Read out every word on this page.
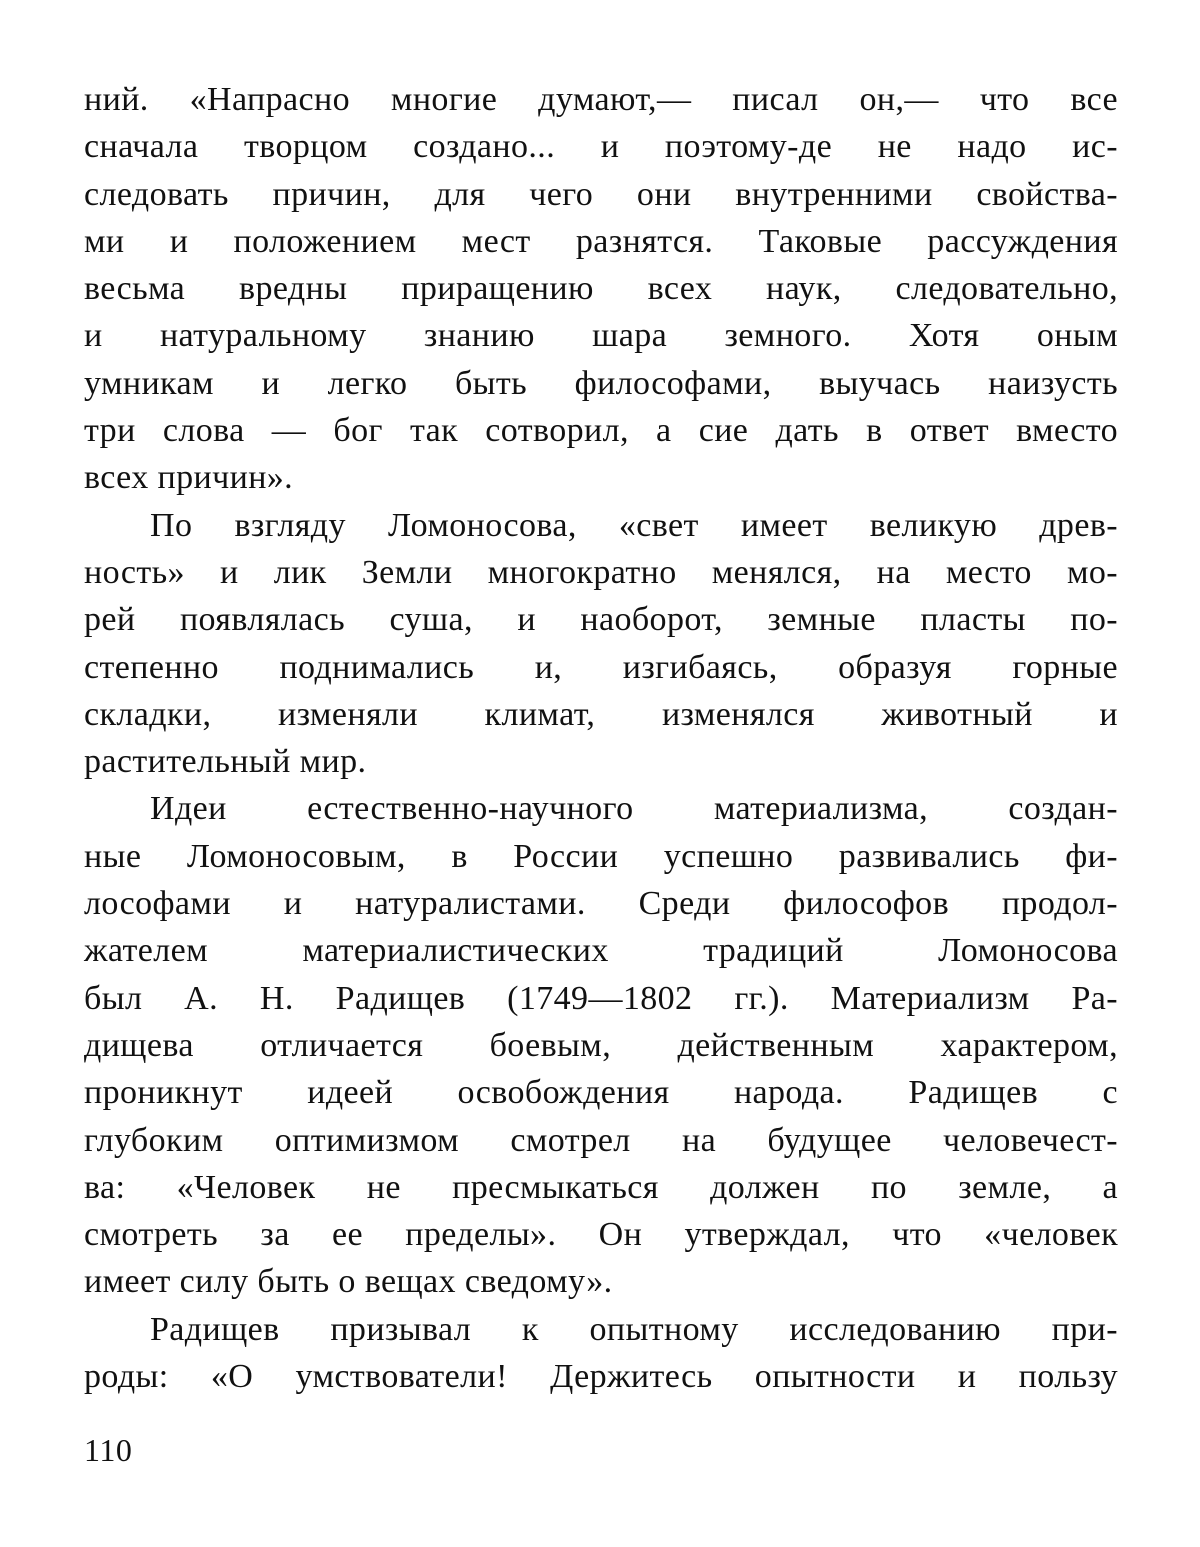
ний. «Напрасно многие думают,— писал он,— что все
сначала творцом создано... и поэтому-де не надо ис-
следовать причин, для чего они внутренними свойства-
ми и положением мест разнятся. Таковые рассуждения
весьма вредны приращению всех наук, следовательно,
и натуральному знанию шара земного. Хотя оным
умникам и легко быть философами, выучась наизусть
три слова — бог так сотворил, а сие дать в ответ вместо
всех причин».

По взгляду Ломоносова, «свет имеет великую древ-
ность» и лик Земли многократно менялся, на место мо-
рей появлялась суша, и наоборот, земные пласты по-
степенно поднимались и, изгибаясь, образуя горные
складки, изменяли климат, изменялся животный и
растительный мир.

Идеи естественно-научного материализма, создан-
ные Ломоносовым, в России успешно развивались фи-
лософами и натуралистами. Среди философов продол-
жателем материалистических традиций Ломоносова
был А. Н. Радищев (1749—1802 гг.). Материализм Ра-
дищева отличается боевым, действенным характером,
проникнут идеей освобождения народа. Радищев с
глубоким оптимизмом смотрел на будущее человечест-
ва: «Человек не пресмыкаться должен по земле, а
смотреть за ее пределы». Он утверждал, что «человек
имеет силу быть о вещах сведому».

Радищев призывал к опытному исследованию при-
роды: «О умствователи! Держитесь опытности и пользу

110
